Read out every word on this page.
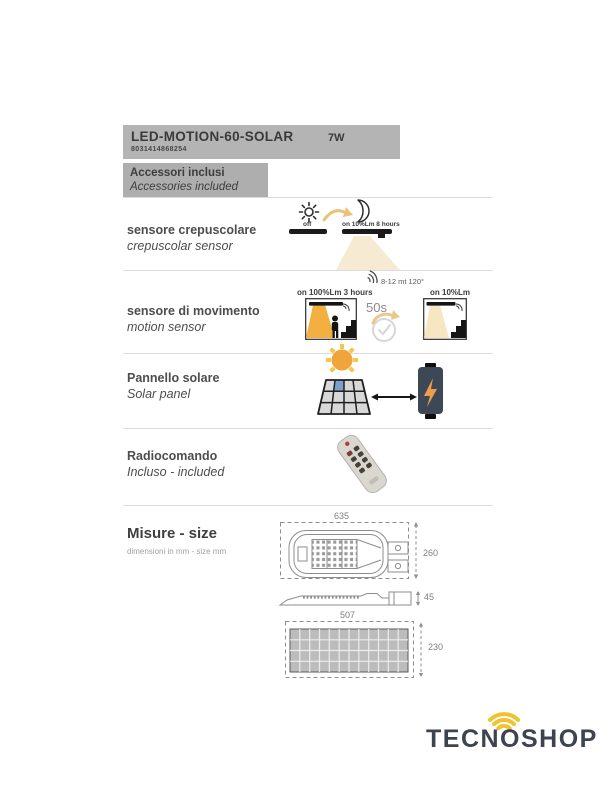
LED-MOTION-60-SOLAR
8031414868254
7W
Accessori inclusi
Accessories included
sensore crepuscolare
crepuscolar sensor
off	on 10%Lm 8 hours
sensore di movimento
motion sensor
8-12 mt 120°
on 100%Lm 3 hours
50s
on 10%Lm
Pannello solare
Solar panel
Radiocomando
Incluso - included
Misure - size
dimensioni in mm - size mm
635
260
45
507
230
TECNOSHOP
